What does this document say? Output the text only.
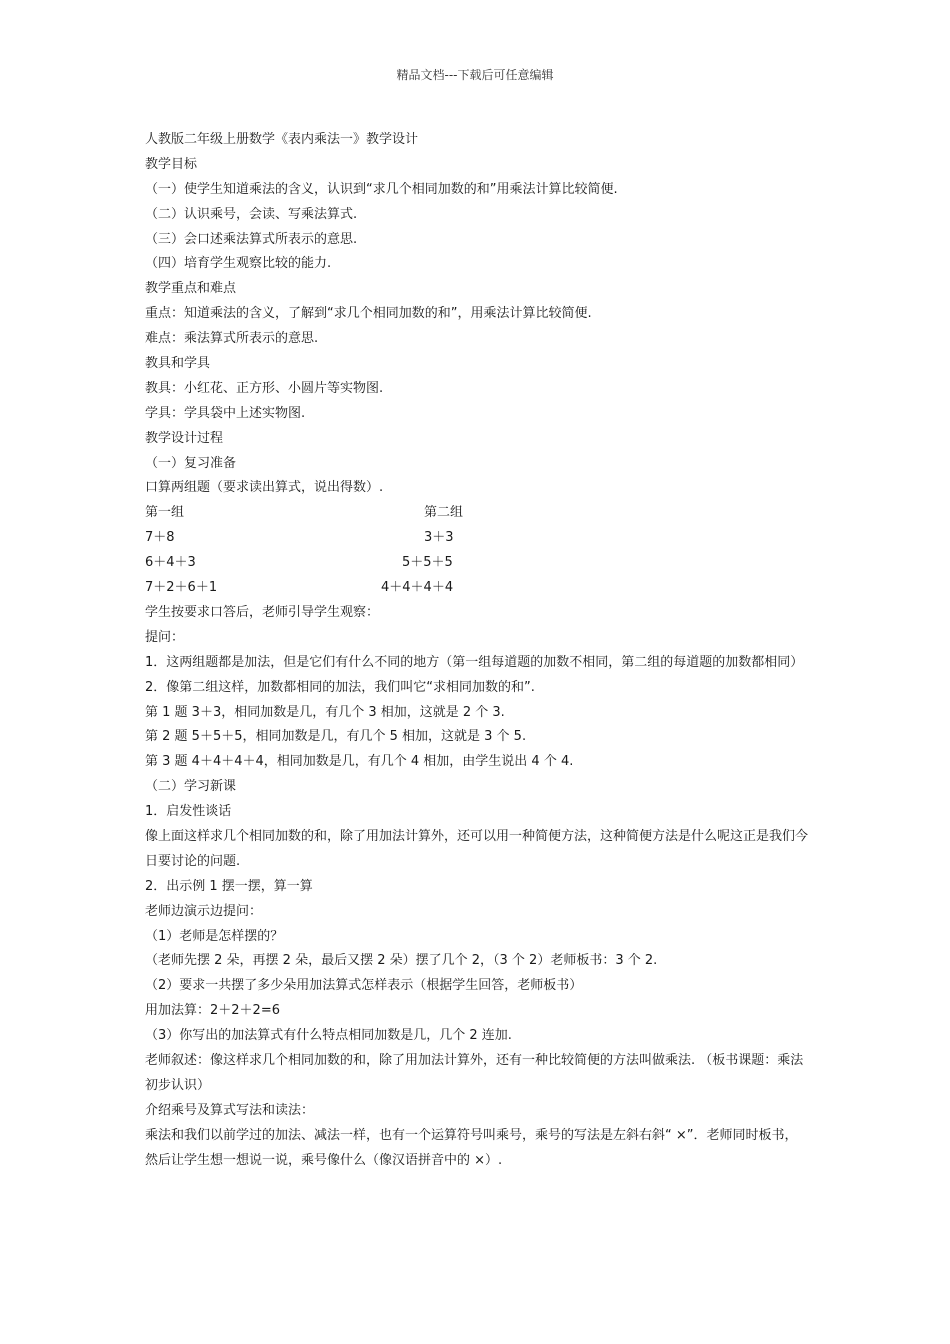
精品文档---下载后可任意编辑
人教版二年级上册数学《表内乘法一》教学设计
教学目标
（一）使学生知道乘法的含义，认识到“求几个相同加数的和”用乘法计算比较简便.
（二）认识乘号，会读、写乘法算式.
（三）会口述乘法算式所表示的意思.
（四）培育学生观察比较的能力.
教学重点和难点
重点：知道乘法的含义，了解到“求几个相同加数的和”，用乘法计算比较简便.
难点：乘法算式所表示的意思.
教具和学具
教具：小红花、正方形、小圆片等实物图.
学具：学具袋中上述实物图.
教学设计过程
（一）复习准备
口算两组题（要求读出算式，说出得数）.
第一组	第二组
7＋8	3＋3
6＋4＋3	5＋5＋5
7＋2＋6＋1	4＋4＋4＋4
学生按要求口答后，老师引导学生观察：
提问：
1．这两组题都是加法，但是它们有什么不同的地方（第一组每道题的加数不相同，第二组的每道题的加数都相同）
2．像第二组这样，加数都相同的加法，我们叫它“求相同加数的和”.
第 1 题 3＋3，相同加数是几，有几个 3 相加，这就是 2 个 3.
第 2 题 5＋5＋5，相同加数是几，有几个 5 相加，这就是 3 个 5.
第 3 题 4＋4＋4＋4，相同加数是几，有几个 4 相加，由学生说出 4 个 4.
（二）学习新课
1．启发性谈话
像上面这样求几个相同加数的和，除了用加法计算外，还可以用一种简便方法，这种简便方法是什么呢这正是我们今日要讨论的问题.
2．出示例 1 摆一摆，算一算
老师边演示边提问：
（1）老师是怎样摆的？
（老师先摆 2 朵，再摆 2 朵，最后又摆 2 朵）摆了几个 2，（3 个 2）老师板书：3 个 2.
（2）要求一共摆了多少朵用加法算式怎样表示（根据学生回答，老师板书）
用加法算：2＋2＋2=6
（3）你写出的加法算式有什么特点相同加数是几，几个 2 连加.
老师叙述：像这样求几个相同加数的和，除了用加法计算外，还有一种比较简便的方法叫做乘法. （板书课题：乘法初步认识）
介绍乘号及算式写法和读法：
乘法和我们以前学过的加法、减法一样，也有一个运算符号叫乘号，乘号的写法是左斜右斜“ ×”．老师同时板书，然后让学生想一想说一说，乘号像什么（像汉语拼音中的 ×）.
